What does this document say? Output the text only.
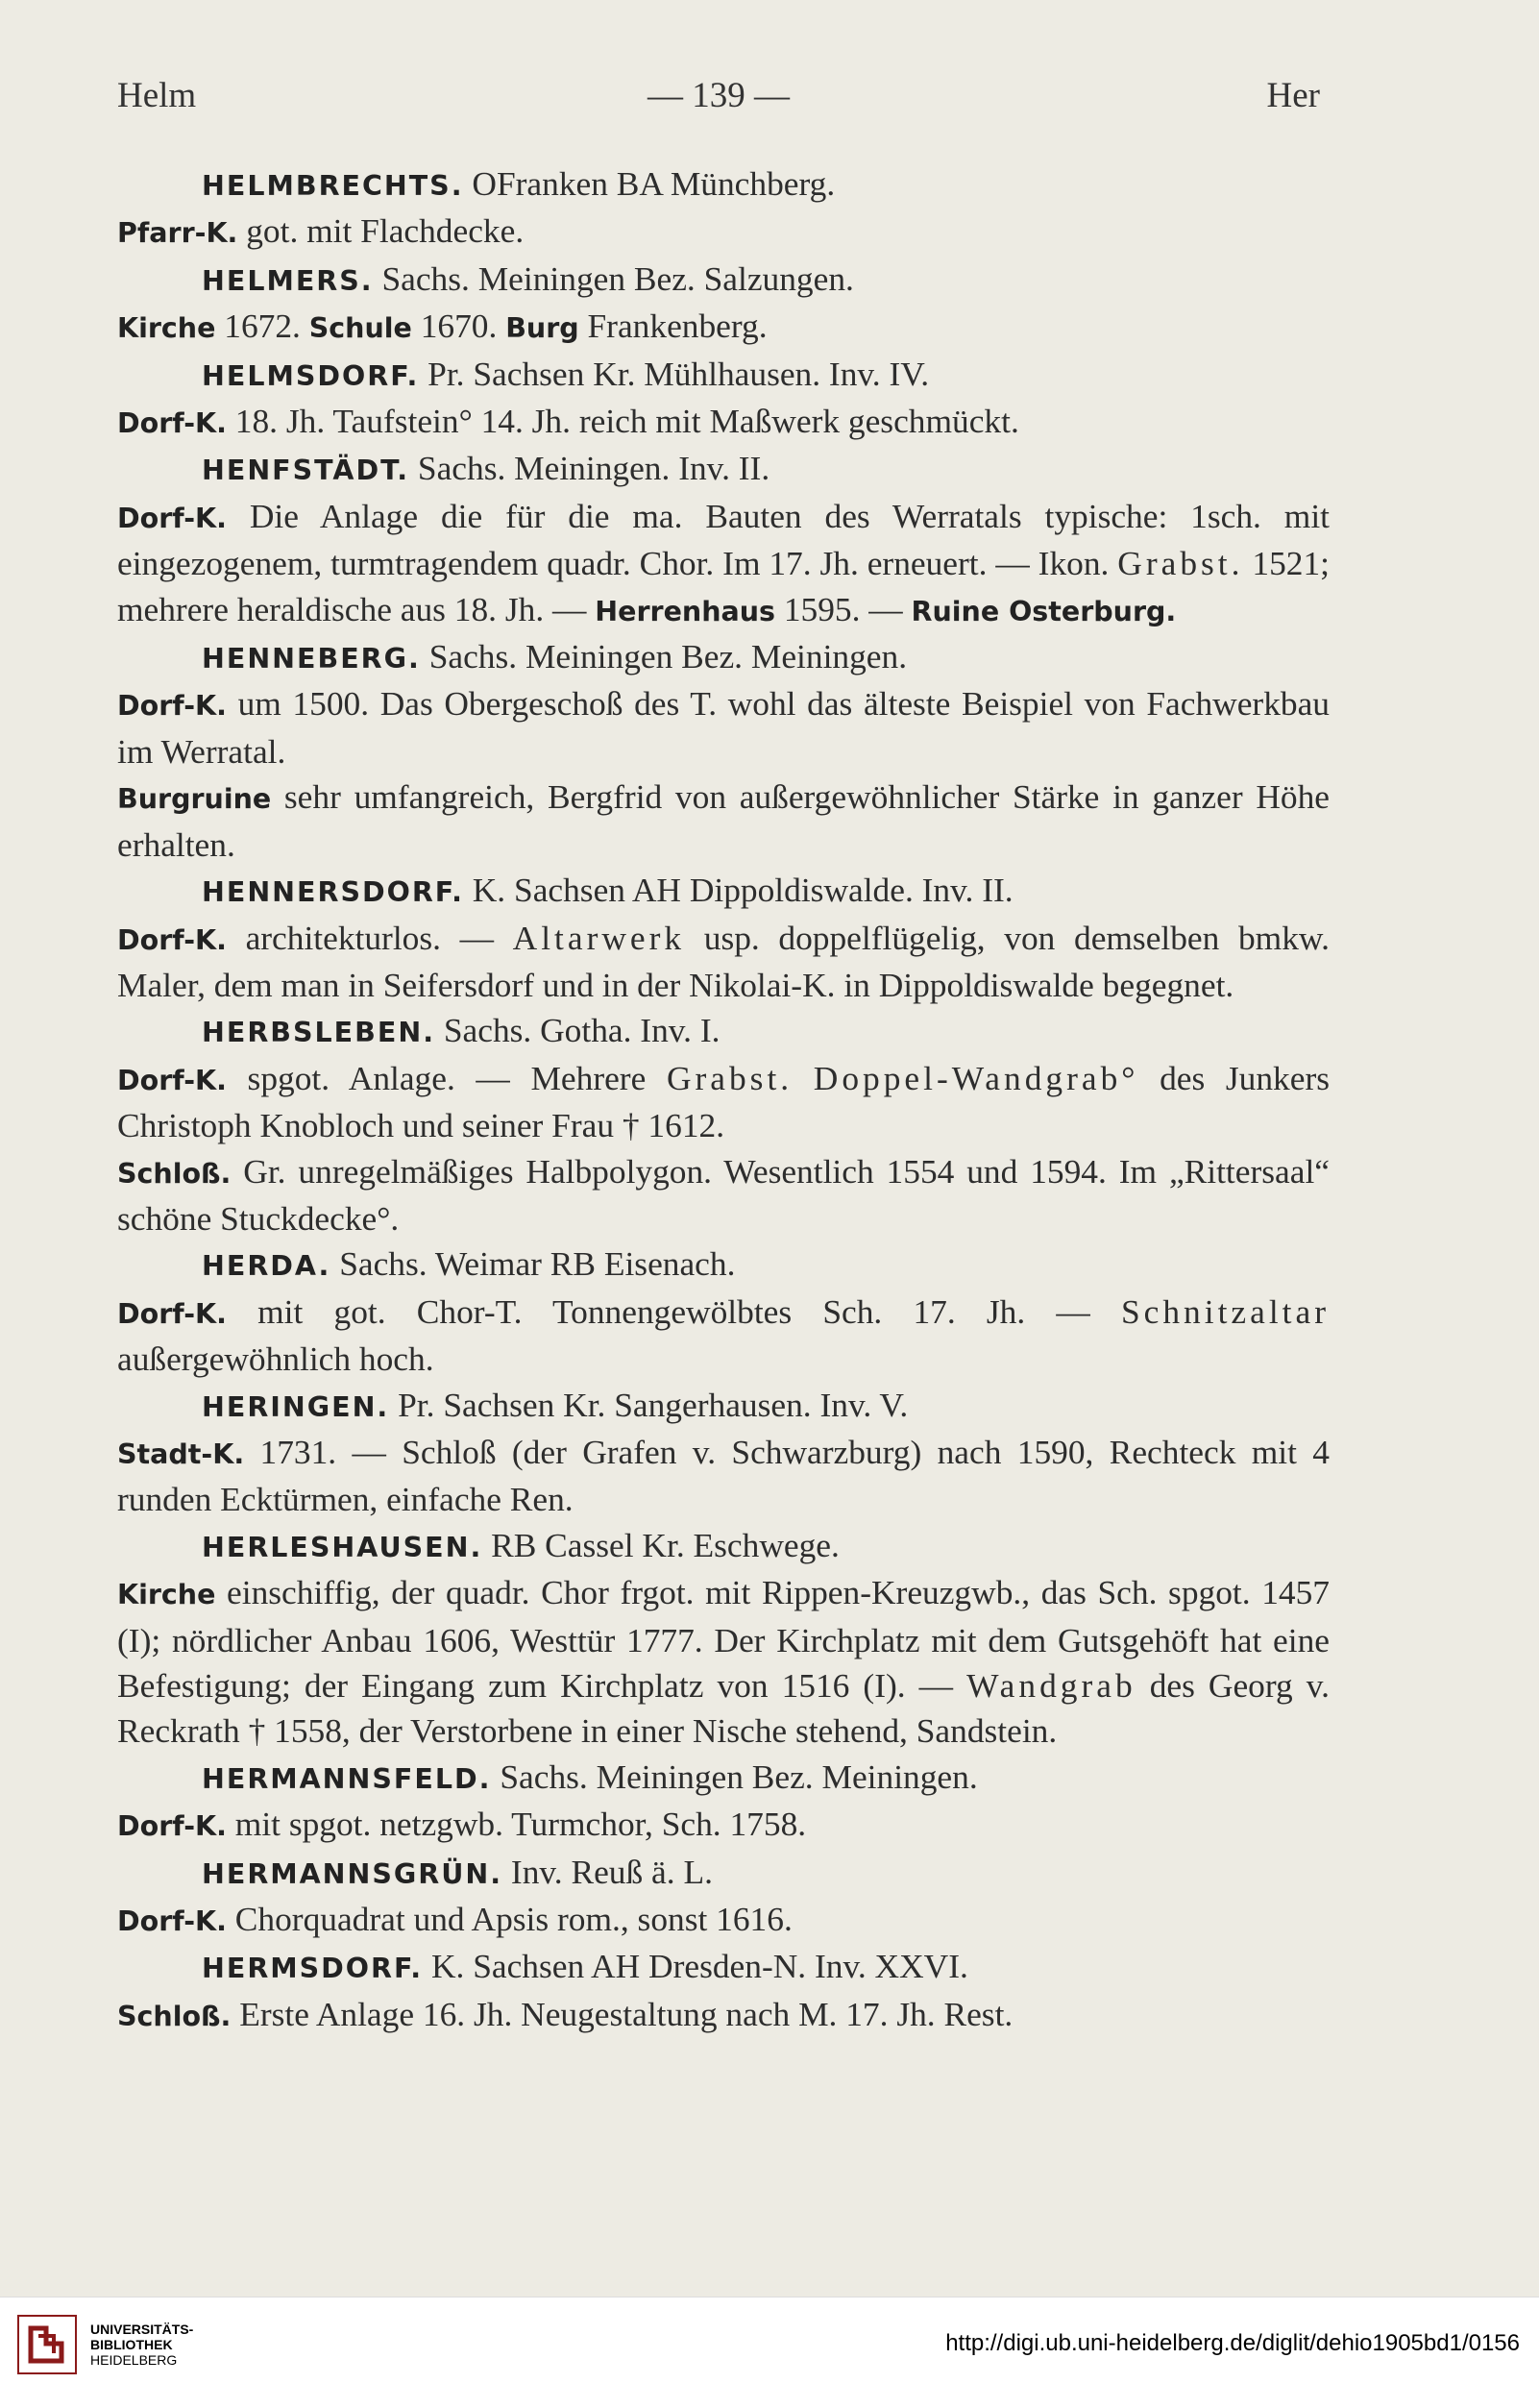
Helm	— 139 —	Her

HELMBRECHTS. OFranken BA Münchberg.

Pfarr-K. got. mit Flachdecke.

HELMERS. Sachs. Meiningen Bez. Salzungen.

Kirche 1672. Schule 1670. Burg Frankenberg.

HELMSDORF. Pr. Sachsen Kr. Mühlhausen. Inv. IV.

Dorf-K. 18. Jh. Taufstein° 14. Jh. reich mit Maßwerk geschmückt.

HENFSTÄDT. Sachs. Meiningen. Inv. II.

Dorf-K. Die Anlage die für die ma. Bauten des Werratals typische: 1sch. mit eingezogenem, turmtragendem quadr. Chor. Im 17. Jh. erneuert. — Ikon. Grabst. 1521; mehrere heraldische aus 18. Jh. — Herrenhaus 1595. — Ruine Osterburg.

HENNEBERG. Sachs. Meiningen Bez. Meiningen.

Dorf-K. um 1500. Das Obergeschoß des T. wohl das älteste Beispiel von Fachwerkbau im Werratal.

Burgruine sehr umfangreich, Bergfrid von außergewöhnlicher Stärke in ganzer Höhe erhalten.

HENNERSDORF. K. Sachsen AH Dippoldiswalde. Inv. II.

Dorf-K. architekturlos. — Altarwerk usp. doppelflügelig, von demselben bmkw. Maler, dem man in Seifersdorf und in der Nikolai-K. in Dippoldiswalde begegnet.

HERBSLEBEN. Sachs. Gotha. Inv. I.

Dorf-K. spgot. Anlage. — Mehrere Grabst. Doppel-Wandgrab° des Junkers Christoph Knobloch und seiner Frau † 1612.

Schloß. Gr. unregelmäßiges Halbpolygon. Wesentlich 1554 und 1594. Im „Rittersaal“ schöne Stuckdecke°.

HERDA. Sachs. Weimar RB Eisenach.

Dorf-K. mit got. Chor-T. Tonnengewölbtes Sch. 17. Jh. — Schnitzaltar außergewöhnlich hoch.

HERINGEN. Pr. Sachsen Kr. Sangerhausen. Inv. V.

Stadt-K. 1731. — Schloß (der Grafen v. Schwarzburg) nach 1590, Rechteck mit 4 runden Ecktürmen, einfache Ren.

HERLESHAUSEN. RB Cassel Kr. Eschwege.

Kirche einschiffig, der quadr. Chor frgot. mit Rippen-Kreuzgwb., das Sch. spgot. 1457 (I); nördlicher Anbau 1606, Westtür 1777. Der Kirchplatz mit dem Gutsgehöft hat eine Befestigung; der Eingang zum Kirchplatz von 1516 (I). — Wandgrab des Georg v. Reckrath † 1558, der Verstorbene in einer Nische stehend, Sandstein.

HERMANNSFELD. Sachs. Meiningen Bez. Meiningen.

Dorf-K. mit spgot. netzgwb. Turmchor, Sch. 1758.

HERMANNSGRÜN. Inv. Reuß ä. L.

Dorf-K. Chorquadrat und Apsis rom., sonst 1616.

HERMSDORF. K. Sachsen AH Dresden-N. Inv. XXVI.

Schloß. Erste Anlage 16. Jh. Neugestaltung nach M. 17. Jh. Rest.

UNIVERSITÄTS-
BIBLIOTHEK
HEIDELBERG
http://digi.ub.uni-heidelberg.de/diglit/dehio1905bd1/0156
